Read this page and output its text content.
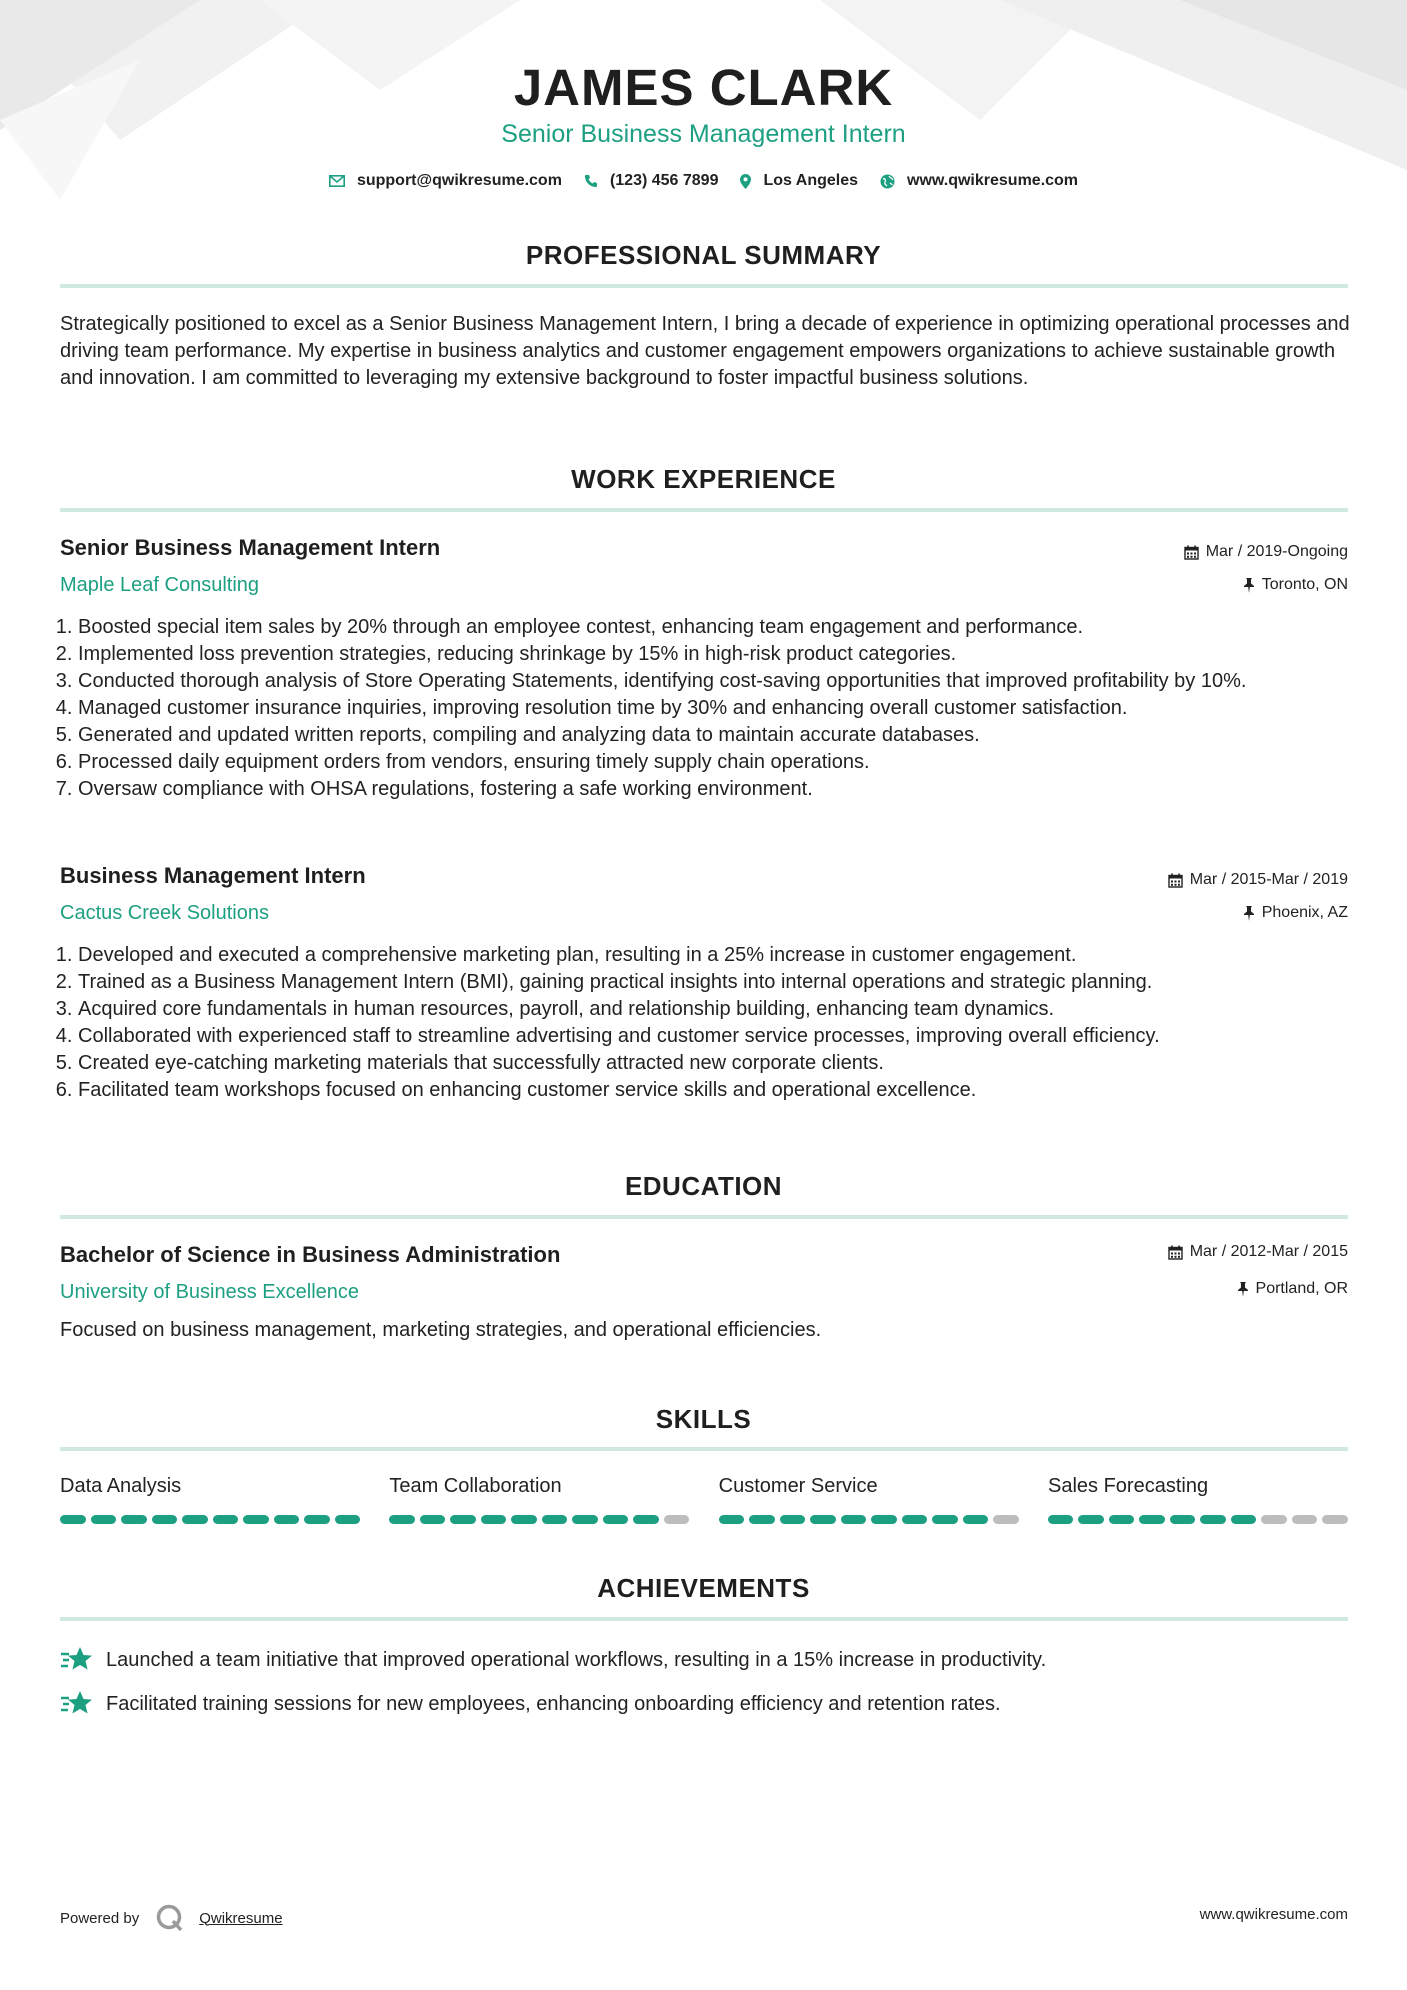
JAMES CLARK
Senior Business Management Intern
support@qwikresume.com	(123) 456 7899	Los Angeles	www.qwikresume.com
PROFESSIONAL SUMMARY
Strategically positioned to excel as a Senior Business Management Intern, I bring a decade of experience in optimizing operational processes and driving team performance. My expertise in business analytics and customer engagement empowers organizations to achieve sustainable growth and innovation. I am committed to leveraging my extensive background to foster impactful business solutions.
WORK EXPERIENCE
Senior Business Management Intern	Mar / 2019-Ongoing
Maple Leaf Consulting	Toronto, ON
1. Boosted special item sales by 20% through an employee contest, enhancing team engagement and performance.
2. Implemented loss prevention strategies, reducing shrinkage by 15% in high-risk product categories.
3. Conducted thorough analysis of Store Operating Statements, identifying cost-saving opportunities that improved profitability by 10%.
4. Managed customer insurance inquiries, improving resolution time by 30% and enhancing overall customer satisfaction.
5. Generated and updated written reports, compiling and analyzing data to maintain accurate databases.
6. Processed daily equipment orders from vendors, ensuring timely supply chain operations.
7. Oversaw compliance with OHSA regulations, fostering a safe working environment.
Business Management Intern	Mar / 2015-Mar / 2019
Cactus Creek Solutions	Phoenix, AZ
1. Developed and executed a comprehensive marketing plan, resulting in a 25% increase in customer engagement.
2. Trained as a Business Management Intern (BMI), gaining practical insights into internal operations and strategic planning.
3. Acquired core fundamentals in human resources, payroll, and relationship building, enhancing team dynamics.
4. Collaborated with experienced staff to streamline advertising and customer service processes, improving overall efficiency.
5. Created eye-catching marketing materials that successfully attracted new corporate clients.
6. Facilitated team workshops focused on enhancing customer service skills and operational excellence.
EDUCATION
Bachelor of Science in Business Administration	Mar / 2012-Mar / 2015
University of Business Excellence	Portland, OR
Focused on business management, marketing strategies, and operational efficiencies.
SKILLS
Data Analysis	Team Collaboration	Customer Service	Sales Forecasting
ACHIEVEMENTS
Launched a team initiative that improved operational workflows, resulting in a 15% increase in productivity.
Facilitated training sessions for new employees, enhancing onboarding efficiency and retention rates.
Powered by	Qwikresume	www.qwikresume.com
